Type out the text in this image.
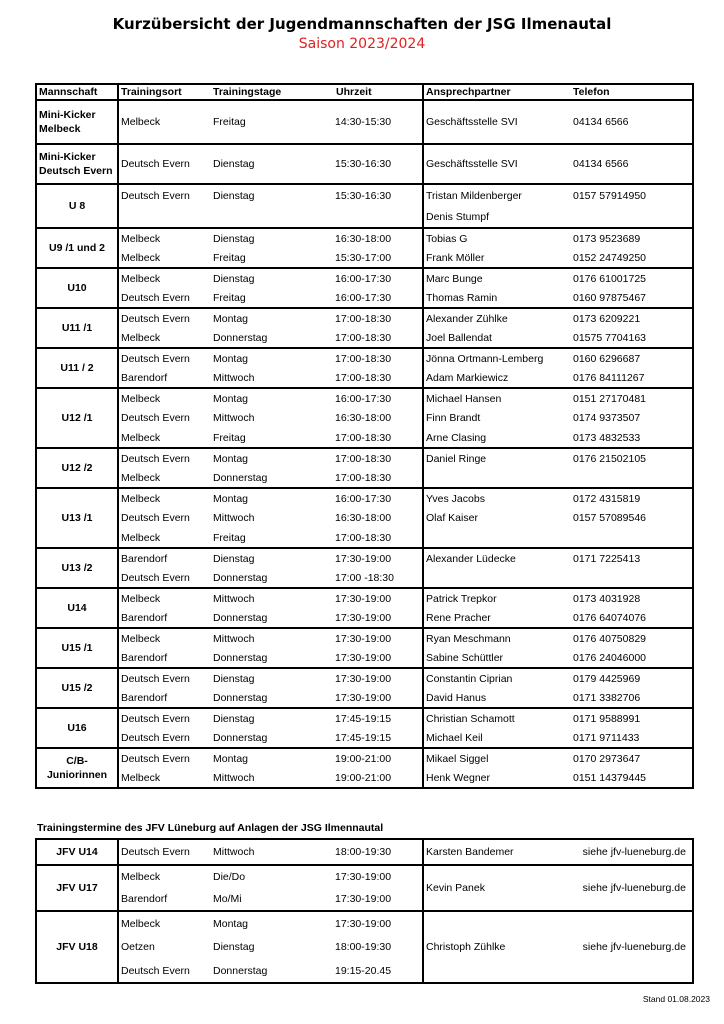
Kurzübersicht der Jugendmannschaften der JSG Ilmenautal
Saison 2023/2024
Mannschaft	Trainingsort	Trainingstage	Uhrzeit	Ansprechpartner	Telefon
Mini-Kicker Melbeck	Melbeck	Freitag	14:30-15:30	Geschäftsstelle SVI	04134 6566
Mini-Kicker Deutsch Evern	Deutsch Evern	Dienstag	15:30-16:30	Geschäftsstelle SVI	04134 6566
U 8	Deutsch Evern	Dienstag	15:30-16:30	Tristan Mildenberger	0157 57914950
				Denis Stumpf	
U9 /1 und 2	Melbeck	Dienstag	16:30-18:00	Tobias G	0173 9523689
	Melbeck	Freitag	15:30-17:00	Frank Möller	0152 24749250
U10	Melbeck	Dienstag	16:00-17:30	Marc Bunge	0176 61001725
	Deutsch Evern	Freitag	16:00-17:30	Thomas Ramin	0160 97875467
U11 /1	Deutsch Evern	Montag	17:00-18:30	Alexander Zühlke	0173 6209221
	Melbeck	Donnerstag	17:00-18:30	Joel Ballendat	01575 7704163
U11 / 2	Deutsch Evern	Montag	17:00-18:30	Jönna Ortmann-Lemberg	0160 6296687
	Barendorf	Mittwoch	17:00-18:30	Adam Markiewicz	0176 84111267
U12 /1	Melbeck	Montag	16:00-17:30	Michael Hansen	0151 27170481
	Deutsch Evern	Mittwoch	16:30-18:00	Finn Brandt	0174 9373507
	Melbeck	Freitag	17:00-18:30	Arne Clasing	0173 4832533
U12 /2	Deutsch Evern	Montag	17:00-18:30	Daniel Ringe	0176 21502105
	Melbeck	Donnerstag	17:00-18:30		
U13 /1	Melbeck	Montag	16:00-17:30	Yves Jacobs	0172 4315819
	Deutsch Evern	Mittwoch	16:30-18:00	Olaf Kaiser	0157 57089546
	Melbeck	Freitag	17:00-18:30		
U13 /2	Barendorf	Dienstag	17:30-19:00	Alexander Lüdecke	0171 7225413
	Deutsch Evern	Donnerstag	17:00 -18:30		
U14	Melbeck	Mittwoch	17:30-19:00	Patrick Trepkor	0173 4031928
	Barendorf	Donnerstag	17:30-19:00	Rene Pracher	0176 64074076
U15 /1	Melbeck	Mittwoch	17:30-19:00	Ryan Meschmann	0176 40750829
	Barendorf	Donnerstag	17:30-19:00	Sabine Schüttler	0176 24046000
U15 /2	Deutsch Evern	Dienstag	17:30-19:00	Constantin Ciprian	0179 4425969
	Barendorf	Donnerstag	17:30-19:00	David Hanus	0171 3382706
U16	Deutsch Evern	Dienstag	17:45-19:15	Christian Schamott	0171 9588991
	Deutsch Evern	Donnerstag	17:45-19:15	Michael Keil	0171 9711433
C/B- Juniorinnen	Deutsch Evern	Montag	19:00-21:00	Mikael Siggel	0170 2973647
	Melbeck	Mittwoch	19:00-21:00	Henk Wegner	0151 14379445
Trainingstermine des JFV Lüneburg auf Anlagen der JSG Ilmennautal
JFV U14	Deutsch Evern	Mittwoch	18:00-19:30	Karsten Bandemer	siehe jfv-lueneburg.de
JFV U17	Melbeck	Die/Do	17:30-19:00	Kevin Panek	siehe jfv-lueneburg.de
	Barendorf	Mo/Mi	17:30-19:00		
JFV U18	Melbeck	Montag	17:30-19:00	Christoph Zühlke	siehe jfv-lueneburg.de
	Oetzen	Dienstag	18:00-19:30		
	Deutsch Evern	Donnerstag	19:15-20.45		
Stand 01.08.2023
